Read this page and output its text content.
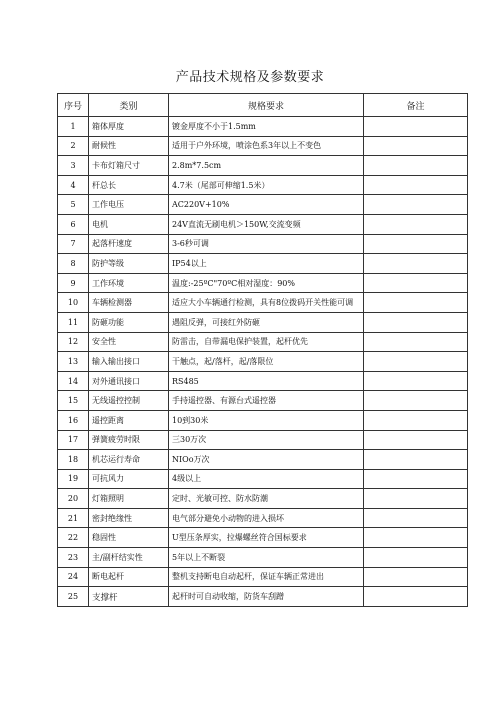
产品技术规格及参数要求
序号	类别	规格要求	备注
1	箱体厚度	镀金厚度不小于1.5mm	
2	耐候性	适用于户外环境，喷涂色系3年以上不变色	
3	卡布灯箱尺寸	2.8m*7.5cm	
4	杆总长	4.7米（尾部可伸缩1.5米）	
5	工作电压	AC220V+10%	
6	电机	24V直流无刷电机＞150W,交流变频	
7	起落杆速度	3-6秒可调	
8	防护等级	IP54以上	
9	工作环境	温度:-25ºC"70ºC相对湿度：90%	
10	车辆检测器	适应大小车辆通行检测，具有8位拨码开关性能可调	
11	防砸功能	遇阻反弹，可接红外防砸	
12	安全性	防雷击，自带漏电保护装置，起杆优先	
13	输入输出接口	干触点，起/落杆，起/落限位	
14	对外通讯接口	RS485	
15	无线遥控控制	手持遥控器、有源台式遥控器	
16	遥控距离	10到30米	
17	弹簧疲劳时限	三30万次	
18	机芯运行寿命	NIOo万次	
19	可抗风力	4级以上	
20	灯箱照明	定时、光敏可控、防水防潮	
21	密封绝缘性	电气部分避免小动物的进入损坏	
22	稳固性	U型压条厚实，拉爆螺丝符合国标要求	
23	主/副杆结实性	5年以上不断裂	
24	断电起杆	整机支持断电自动起杆，保证车辆正常进出	
25	支撑杆	起杆时可自动收缩，防货车刮蹭	
